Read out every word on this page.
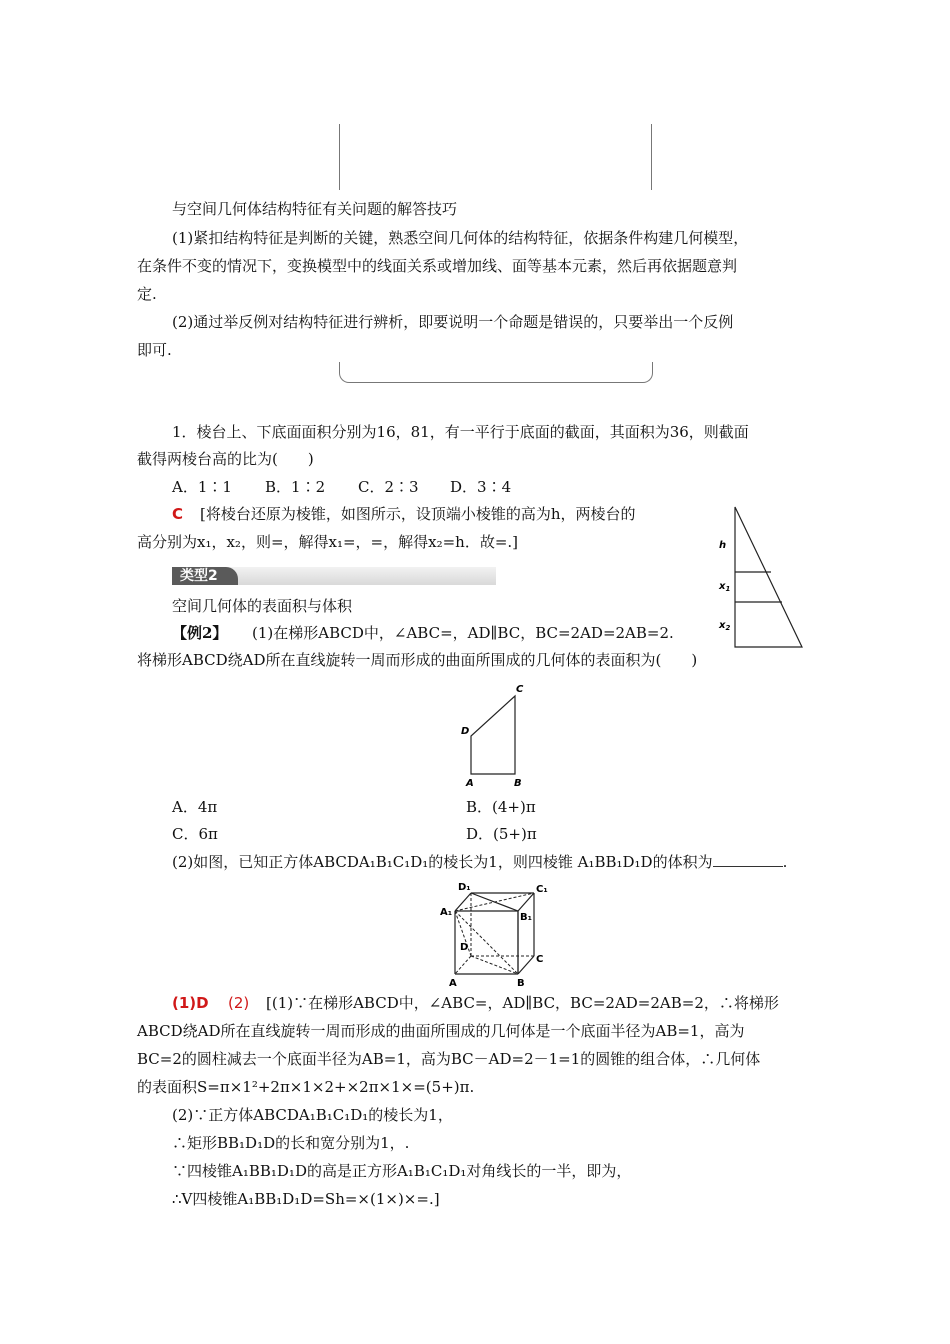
与空间几何体结构特征有关问题的解答技巧
(1)紧扣结构特征是判断的关键，熟悉空间几何体的结构特征，依据条件构建几何模型，
在条件不变的情况下，变换模型中的线面关系或增加线、面等基本元素，然后再依据题意判
定.
(2)通过举反例对结构特征进行辨析，即要说明一个命题是错误的，只要举出一个反例
即可.
1．棱台上、下底面面积分别为16，81，有一平行于底面的截面，其面积为36，则截面
截得两棱台高的比为(　　)
A．1∶1 B．1∶2 C．2∶3 D．3∶4
C [将棱台还原为棱锥，如图所示，设顶端小棱锥的高为h，两棱台的
高分别为x₁，x₂，则=，解得x₁=，=，解得x₂=h．故=.]	h
$x_1$
$x_2$
类型2
空间几何体的表面积与体积
【例2】 (1)在梯形ABCD中，∠ABC=，AD∥BC，BC=2AD=2AB=2.
将梯形ABCD绕AD所在直线旋转一周而形成的曲面所围成的几何体的表面积为(　　)
C
D
A	B
A．4π	B．(4+)π
C．6π	D．(5+)π
(2)如图，已知正方体ABCDA₁B₁C₁D₁的棱长为1，则四棱锥 A₁BB₁D₁D的体积为	.
D₁	C₁
A₁	B₁
D
C
A	B
(1)D (2) [(1)∵在梯形ABCD中，∠ABC=，AD∥BC，BC=2AD=2AB=2，∴将梯形
ABCD绕AD所在直线旋转一周而形成的曲面所围成的几何体是一个底面半径为AB=1，高为
BC=2的圆柱减去一个底面半径为AB=1，高为BC－AD=2－1=1的圆锥的组合体，∴几何体
的表面积S=π×1²+2π×1×2+×2π×1×=(5+)π.
(2)∵正方体ABCDA₁B₁C₁D₁的棱长为1，
∴矩形BB₁D₁D的长和宽分别为1，.
∵四棱锥A₁BB₁D₁D的高是正方形A₁B₁C₁D₁对角线长的一半，即为，
∴V四棱锥A₁BB₁D₁D=Sh=×(1×)×=.]
